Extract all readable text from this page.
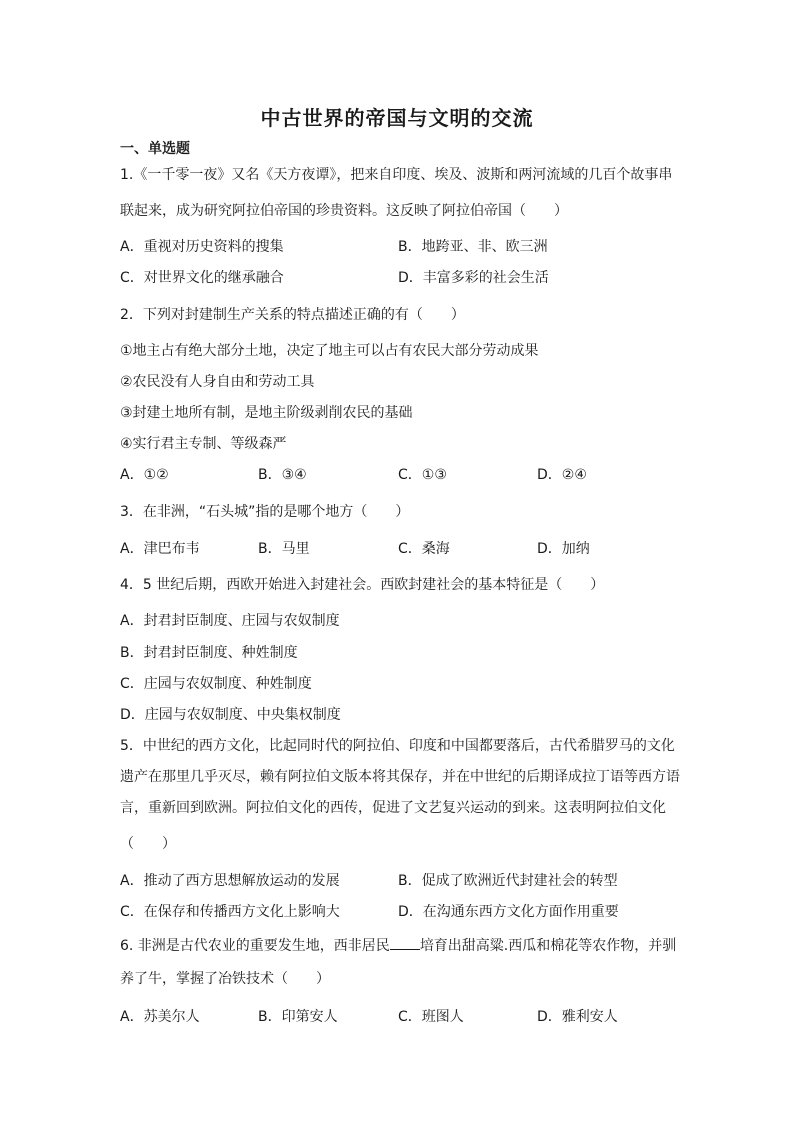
中古世界的帝国与文明的交流
一、单选题
1.《一千零一夜》又名《天方夜谭》，把来自印度、埃及、波斯和两河流域的几百个故事串
联起来，成为研究阿拉伯帝国的珍贵资料。这反映了阿拉伯帝国（　　）
A．重视对历史资料的搜集	B．地跨亚、非、欧三洲
C．对世界文化的继承融合	D．丰富多彩的社会生活
2．下列对封建制生产关系的特点描述正确的有（　　）
①地主占有绝大部分土地，决定了地主可以占有农民大部分劳动成果
②农民没有人身自由和劳动工具
③封建土地所有制，是地主阶级剥削农民的基础
④实行君主专制、等级森严
A．①②	B．③④	C．①③	D．②④
3．在非洲，“石头城”指的是哪个地方（　　）
A．津巴布韦	B．马里	C．桑海	D．加纳
4．5 世纪后期，西欧开始进入封建社会。西欧封建社会的基本特征是（　　）
A．封君封臣制度、庄园与农奴制度
B．封君封臣制度、种姓制度
C．庄园与农奴制度、种姓制度
D．庄园与农奴制度、中央集权制度
5．中世纪的西方文化，比起同时代的阿拉伯、印度和中国都要落后，古代希腊罗马的文化
遗产在那里几乎灭尽，赖有阿拉伯文版本将其保存，并在中世纪的后期译成拉丁语等西方语
言，重新回到欧洲。阿拉伯文化的西传，促进了文艺复兴运动的到来。这表明阿拉伯文化
（　　）
A．推动了西方思想解放运动的发展	B．促成了欧洲近代封建社会的转型
C．在保存和传播西方文化上影响大	D．在沟通东西方文化方面作用重要
6. 非洲是古代农业的重要发生地，西非居民 培育出甜高粱.西瓜和棉花等农作物，并驯
养了牛，掌握了冶铁技术（　　）
A．苏美尔人	B．印第安人	C．班图人	D．雅利安人
